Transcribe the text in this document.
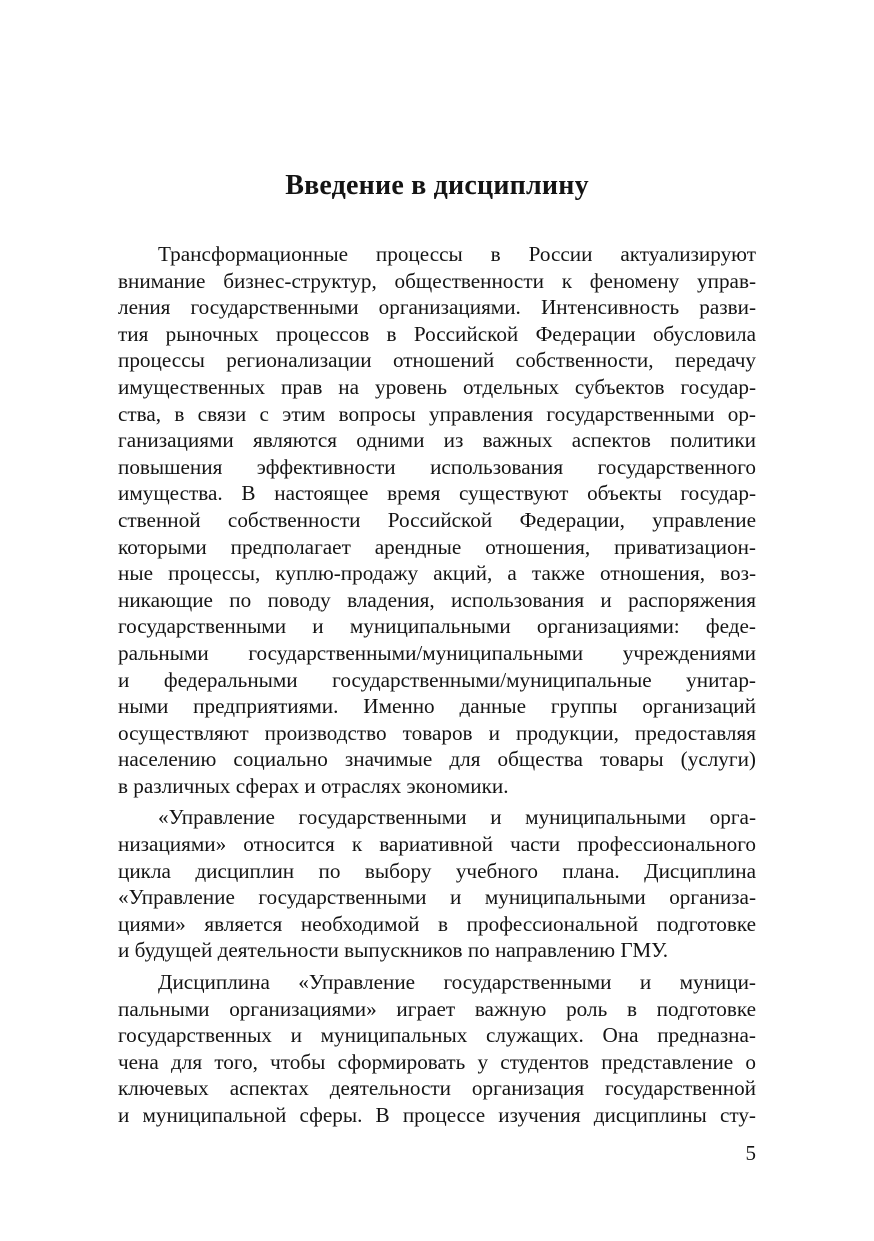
Введение в дисциплину
Трансформационные процессы в России актуализируют
внимание бизнес-структур, общественности к феномену управ-
ления государственными организациями. Интенсивность разви-
тия рыночных процессов в Российской Федерации обусловила
процессы регионализации отношений собственности, передачу
имущественных прав на уровень отдельных субъектов государ-
ства, в связи с этим вопросы управления государственными ор-
ганизациями являются одними из важных аспектов политики
повышения эффективности использования государственного
имущества. В настоящее время существуют объекты государ-
ственной собственности Российской Федерации, управление
которыми предполагает арендные отношения, приватизацион-
ные процессы, куплю-продажу акций, а также отношения, воз-
никающие по поводу владения, использования и распоряжения
государственными и муниципальными организациями: феде-
ральными государственными/муниципальными учреждениями
и федеральными государственными/муниципальные унитар-
ными предприятиями. Именно данные группы организаций
осуществляют производство товаров и продукции, предоставляя
населению социально значимые для общества товары (услуги)
в различных сферах и отраслях экономики.
«Управление государственными и муниципальными орга-
низациями» относится к вариативной части профессионального
цикла дисциплин по выбору учебного плана. Дисциплина
«Управление государственными и муниципальными организа-
циями» является необходимой в профессиональной подготовке
и будущей деятельности выпускников по направлению ГМУ.
Дисциплина «Управление государственными и муници-
пальными организациями» играет важную роль в подготовке
государственных и муниципальных служащих. Она предназна-
чена для того, чтобы сформировать у студентов представление о
ключевых аспектах деятельности организация государственной
и муниципальной сферы. В процессе изучения дисциплины сту-
5
